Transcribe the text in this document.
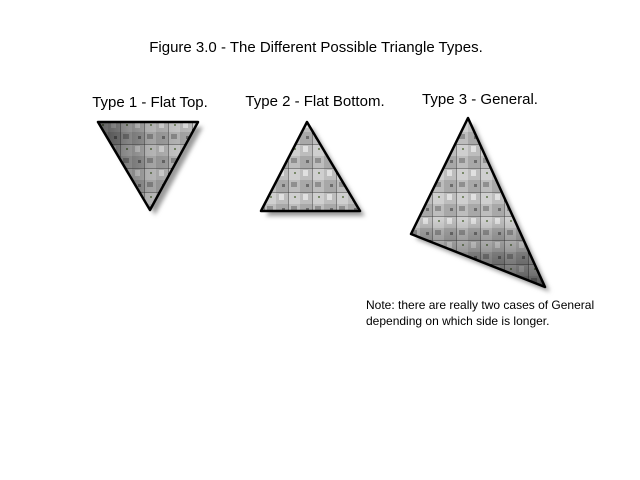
Figure 3.0 - The Different Possible Triangle Types.
Type 1 - Flat Top.	Type 2 - Flat Bottom. Type 3 - General.
Note: there are really two cases of General
depending on which side is longer.
